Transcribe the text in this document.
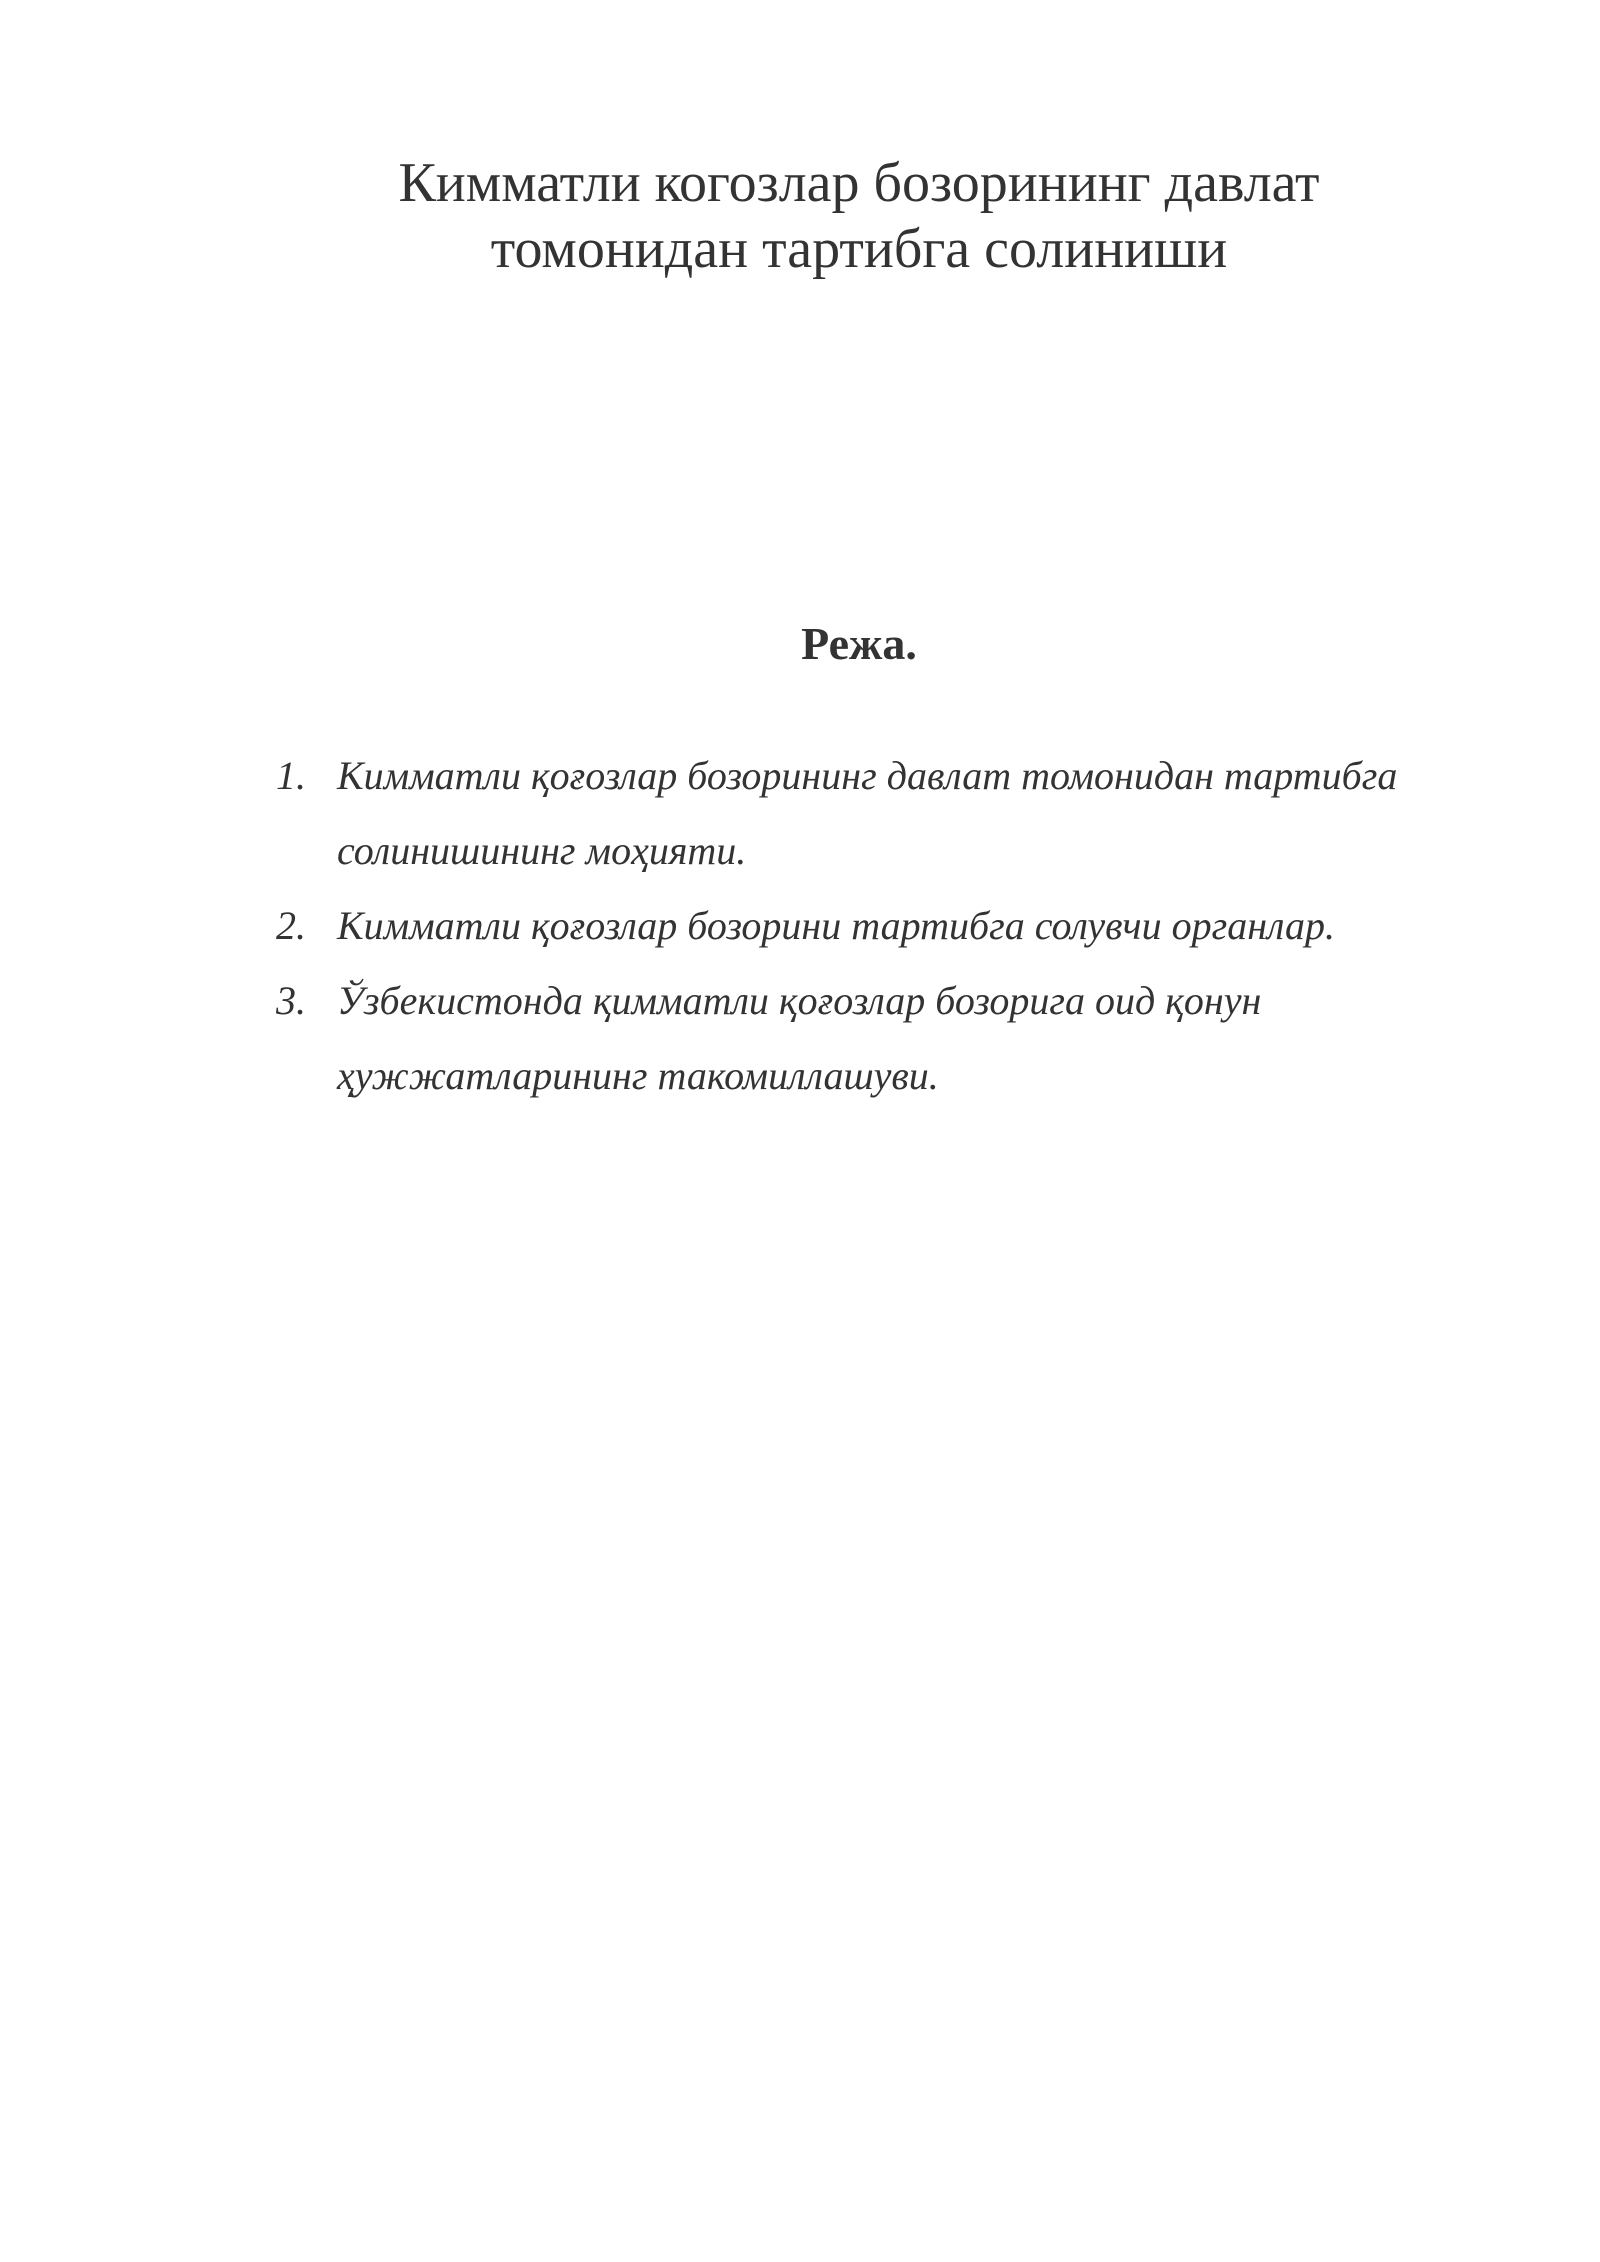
Кимматли когозлар бозорининг давлат
томонидан тартибга солиниши
Режа.
1. Кимматли қоғозлар бозорининг давлат томонидан тартибга
солинишининг моҳияти.
2. Кимматли қоғозлар бозорини тартибга солувчи органлар.
3. Ўзбекистонда қимматли қоғозлар бозорига оид қонун
ҳужжатларининг такомиллашуви.
